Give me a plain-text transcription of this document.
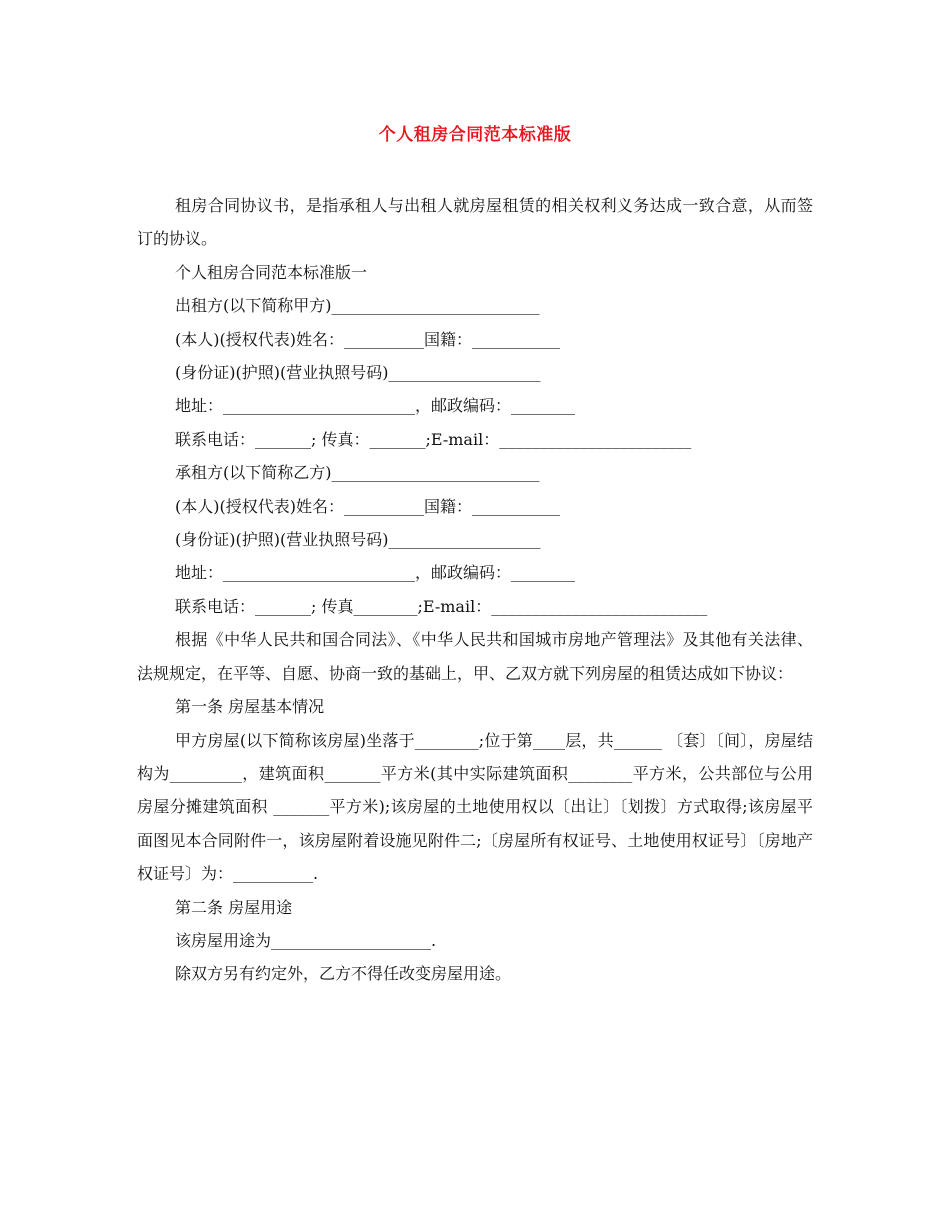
个人租房合同范本标准版

租房合同协议书，是指承租人与出租人就房屋租赁的相关权利义务达成一致合意，从而签订的协议。

个人租房合同范本标准版一

出租方(以下简称甲方)__________________________

(本人)(授权代表)姓名：__________国籍：___________

(身份证)(护照)(营业执照号码)___________________

地址：________________________，邮政编码：________

联系电话：_______; 传真：_______;E-mail：________________________

承租方(以下简称乙方)__________________________

(本人)(授权代表)姓名：__________国籍：___________

(身份证)(护照)(营业执照号码)___________________

地址：________________________，邮政编码：________

联系电话：_______; 传真________;E-mail：___________________________

根据《中华人民共和国合同法》、《中华人民共和国城市房地产管理法》及其他有关法律、法规规定，在平等、自愿、协商一致的基础上，甲、乙双方就下列房屋的租赁达成如下协议：

第一条 房屋基本情况

甲方房屋(以下简称该房屋)坐落于________;位于第____层，共______ 〔套〕〔间〕，房屋结构为_________，建筑面积_______平方米(其中实际建筑面积________平方米，公共部位与公用房屋分摊建筑面积 _______平方米);该房屋的土地使用权以〔出让〕〔划拨〕方式取得;该房屋平面图见本合同附件一，该房屋附着设施见附件二;〔房屋所有权证号、土地使用权证号〕〔房地产权证号〕为：__________.

第二条 房屋用途

该房屋用途为____________________.

除双方另有约定外，乙方不得任改变房屋用途。
